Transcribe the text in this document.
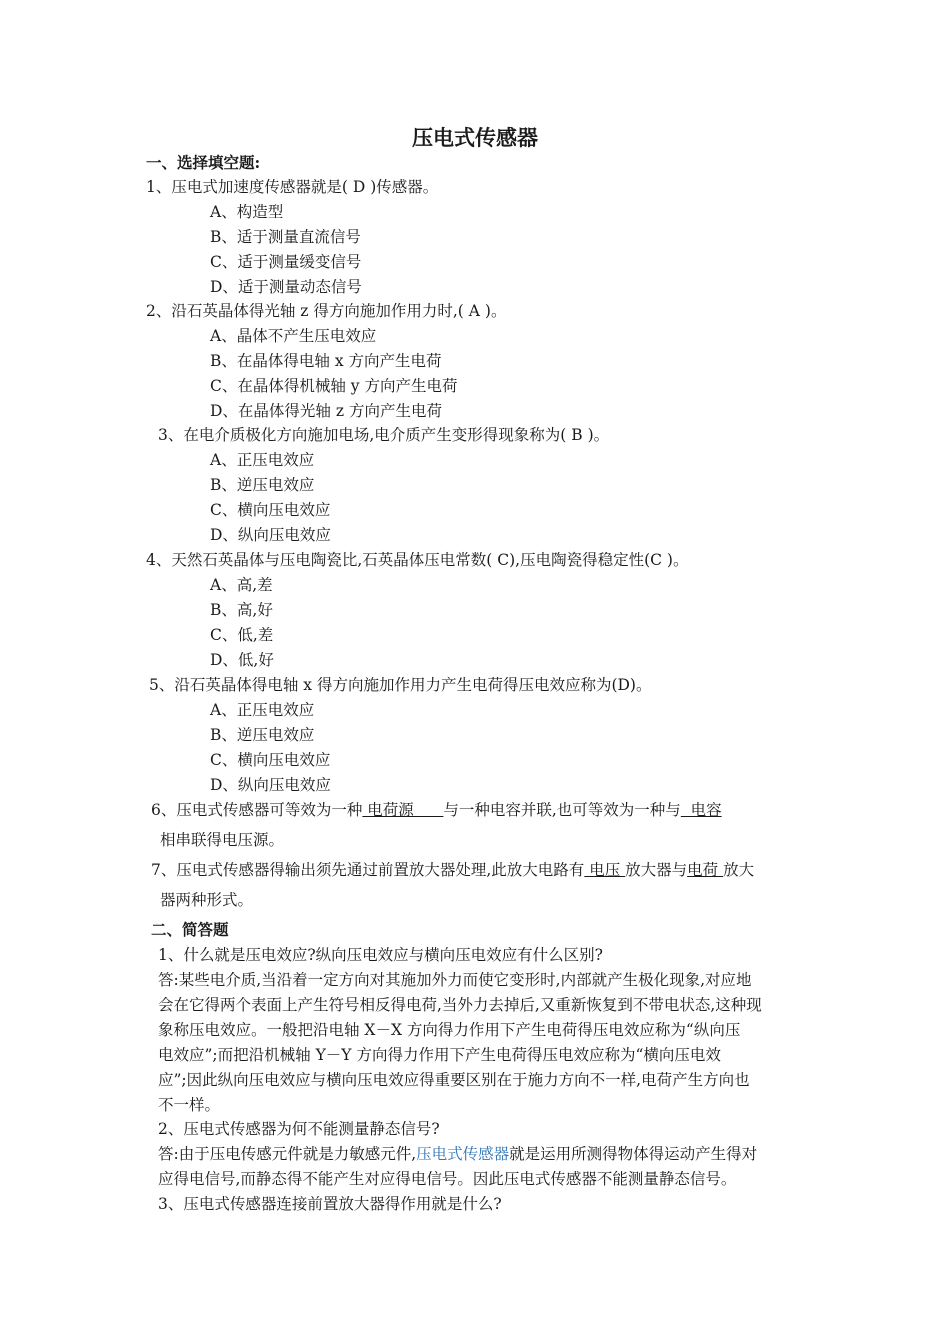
压电式传感器
一、选择填空题:
1、压电式加速度传感器就是( D )传感器。
A、构造型
B、适于测量直流信号
C、适于测量缓变信号
D、适于测量动态信号
2、沿石英晶体得光轴 z 得方向施加作用力时,( A )。
A、晶体不产生压电效应
B、在晶体得电轴 x 方向产生电荷
C、在晶体得机械轴 y 方向产生电荷
D、在晶体得光轴 z 方向产生电荷
3、在电介质极化方向施加电场,电介质产生变形得现象称为( B )。
A、正压电效应
B、逆压电效应
C、横向压电效应
D、纵向压电效应
4、天然石英晶体与压电陶瓷比,石英晶体压电常数( C),压电陶瓷得稳定性(C )。
A、高,差
B、高,好
C、低,差
D、低,好
5、沿石英晶体得电轴 x 得方向施加作用力产生电荷得压电效应称为(D)。
A、正压电效应
B、逆压电效应
C、横向压电效应
D、纵向压电效应
6、压电式传感器可等效为一种 电荷源      与一种电容并联,也可等效为一种与  电容
相串联得电压源。
7、压电式传感器得输出须先通过前置放大器处理,此放大电路有 电压 放大器与电荷 放大
器两种形式。
二、简答题
1、什么就是压电效应?纵向压电效应与横向压电效应有什么区别?
答:某些电介质,当沿着一定方向对其施加外力而使它变形时,内部就产生极化现象,对应地
会在它得两个表面上产生符号相反得电荷,当外力去掉后,又重新恢复到不带电状态,这种现
象称压电效应。一般把沿电轴 X－X 方向得力作用下产生电荷得压电效应称为“纵向压
电效应”;而把沿机械轴 Y－Y 方向得力作用下产生电荷得压电效应称为“横向压电效
应”;因此纵向压电效应与横向压电效应得重要区别在于施力方向不一样,电荷产生方向也
不一样。
2、压电式传感器为何不能测量静态信号?
答:由于压电传感元件就是力敏感元件,压电式传感器就是运用所测得物体得运动产生得对
应得电信号,而静态得不能产生对应得电信号。因此压电式传感器不能测量静态信号。
3、压电式传感器连接前置放大器得作用就是什么?
